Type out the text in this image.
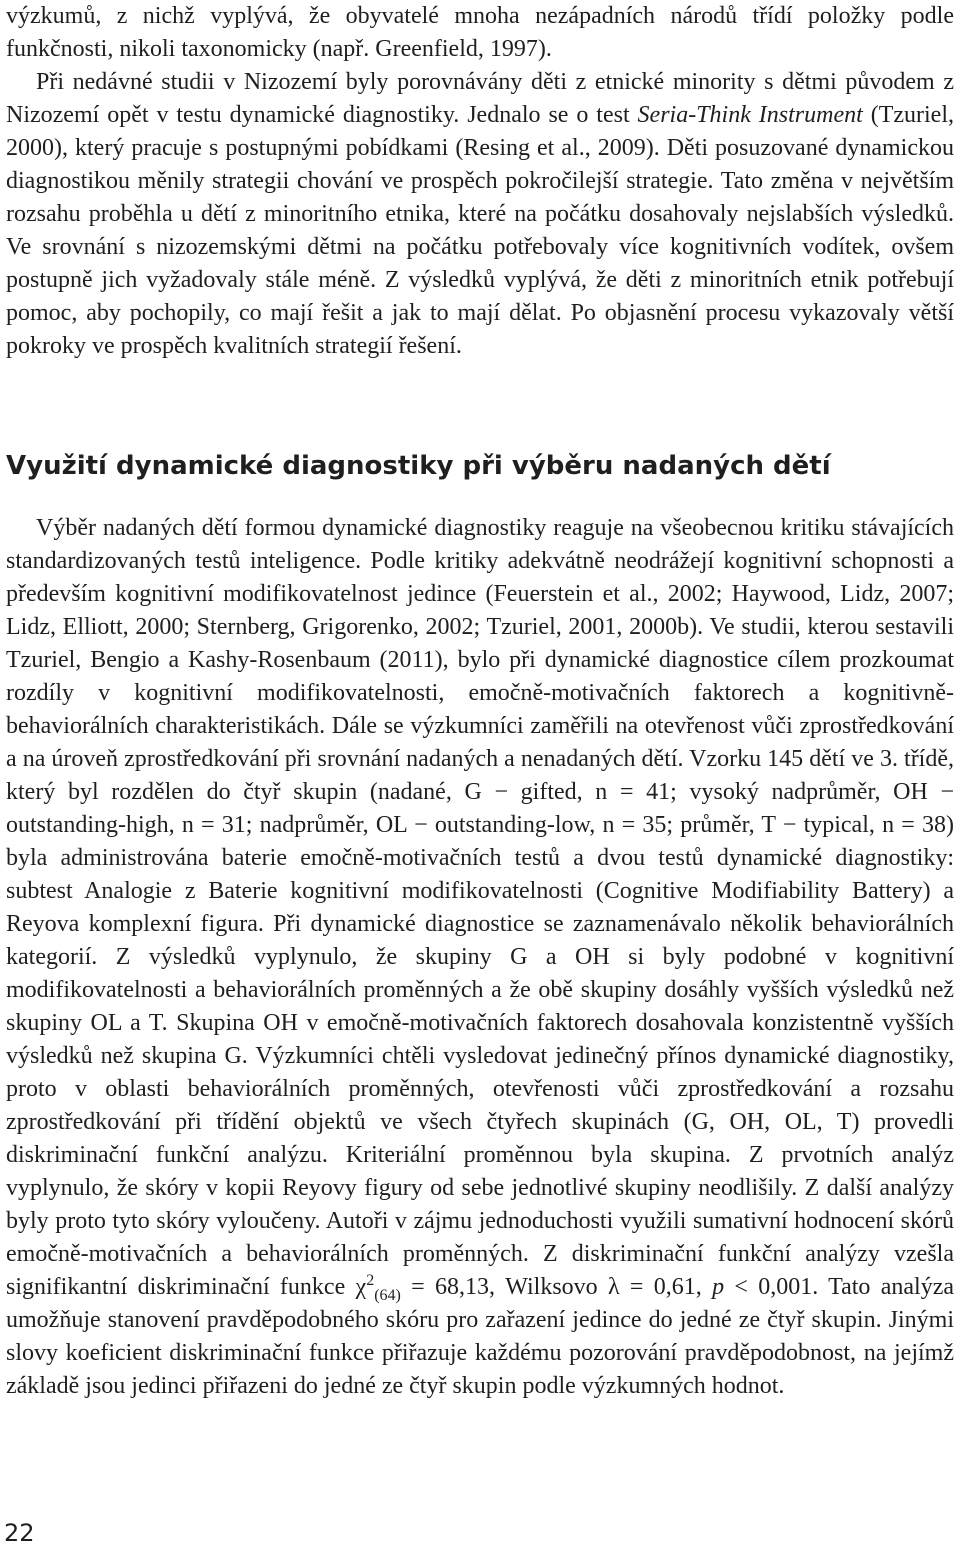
výzkumů, z nichž vyplývá, že obyvatelé mnoha nezápadních národů třídí položky podle funkčnosti, nikoli taxonomicky (např. Greenfield, 1997).
Při nedávné studii v Nizozemí byly porovnávány děti z etnické minority s dětmi původem z Nizozemí opět v testu dynamické diagnostiky. Jednalo se o test Seria-Think Instrument (Tzuriel, 2000), který pracuje s postupnými pobídkami (Resing et al., 2009). Děti posuzované dynamickou diagnostikou měnily strategii chování ve prospěch pokročilejší strategie. Tato změna v největším rozsahu proběhla u dětí z minoritního etnika, které na počátku dosahovaly nejslabších výsledků. Ve srovnání s nizozemskými dětmi na počátku potřebovaly více kognitivních vodítek, ovšem postupně jich vyžadovaly stále méně. Z výsledků vyplývá, že děti z minoritních etnik potřebují pomoc, aby pochopily, co mají řešit a jak to mají dělat. Po objasnění procesu vykazovaly větší pokroky ve prospěch kvalitních strategií řešení.
Využití dynamické diagnostiky při výběru nadaných dětí

Výběr nadaných dětí formou dynamické diagnostiky reaguje na všeobecnou kritiku stávajících standardizovaných testů inteligence. Podle kritiky adekvátně neodrážejí kognitivní schopnosti a především kognitivní modifikovatelnost jedince (Feuerstein et al., 2002; Haywood, Lidz, 2007; Lidz, Elliott, 2000; Sternberg, Grigorenko, 2002; Tzuriel, 2001, 2000b). Ve studii, kterou sestavili Tzuriel, Bengio a Kashy-Rosenbaum (2011), bylo při dynamické diagnostice cílem prozkoumat rozdíly v kognitivní modifikovatelnosti, emočně-motivačních faktorech a kognitivně-behaviorálních charakteristikách. Dále se výzkumníci zaměřili na otevřenost vůči zprostředkování a na úroveň zprostředkování při srovnání nadaných a nenadaných dětí. Vzorku 145 dětí ve 3. třídě, který byl rozdělen do čtyř skupin (nadané, G − gifted, n = 41; vysoký nadprůměr, OH − outstanding-high, n = 31; nadprůměr, OL − outstanding-low, n = 35; průměr, T − typical, n = 38) byla administrována baterie emočně-motivačních testů a dvou testů dynamické diagnostiky: subtest Analogie z Baterie kognitivní modifikovatelnosti (Cognitive Modifiability Battery) a Reyova komplexní figura. Při dynamické diagnostice se zaznamenávalo několik behaviorálních kategorií. Z výsledků vyplynulo, že skupiny G a OH si byly podobné v kognitivní modifikovatelnosti a behaviorálních proměnných a že obě skupiny dosáhly vyšších výsledků než skupiny OL a T. Skupina OH v emočně-motivačních faktorech dosahovala konzistentně vyšších výsledků než skupina G. Výzkumníci chtěli vysledovat jedinečný přínos dynamické diagnostiky, proto v oblasti behaviorálních proměnných, otevřenosti vůči zprostředkování a rozsahu zprostředkování při třídění objektů ve všech čtyřech skupinách (G, OH, OL, T) provedli diskriminační funkční analýzu. Kriteriální proměnnou byla skupina. Z prvotních analýz vyplynulo, že skóry v kopii Reyovy figury od sebe jednotlivé skupiny neodlišily. Z další analýzy byly proto tyto skóry vyloučeny. Autoři v zájmu jednoduchosti využili sumativní hodnocení skórů emočně-motivačních a behaviorálních proměnných. Z diskriminační funkční analýzy vzešla signifikantní diskriminační funkce $\chi^2_{(64)} = 68,13$, Wilksovo λ = 0,61, p < 0,001. Tato analýza umožňuje stanovení pravděpodobného skóru pro zařazení jedince do jedné ze čtyř skupin. Jinými slovy koeficient diskriminační funkce přiřazuje každému pozorování pravděpodobnost, na jejímž základě jsou jedinci přiřazeni do jedné ze čtyř skupin podle výzkumných hodnot.

22
